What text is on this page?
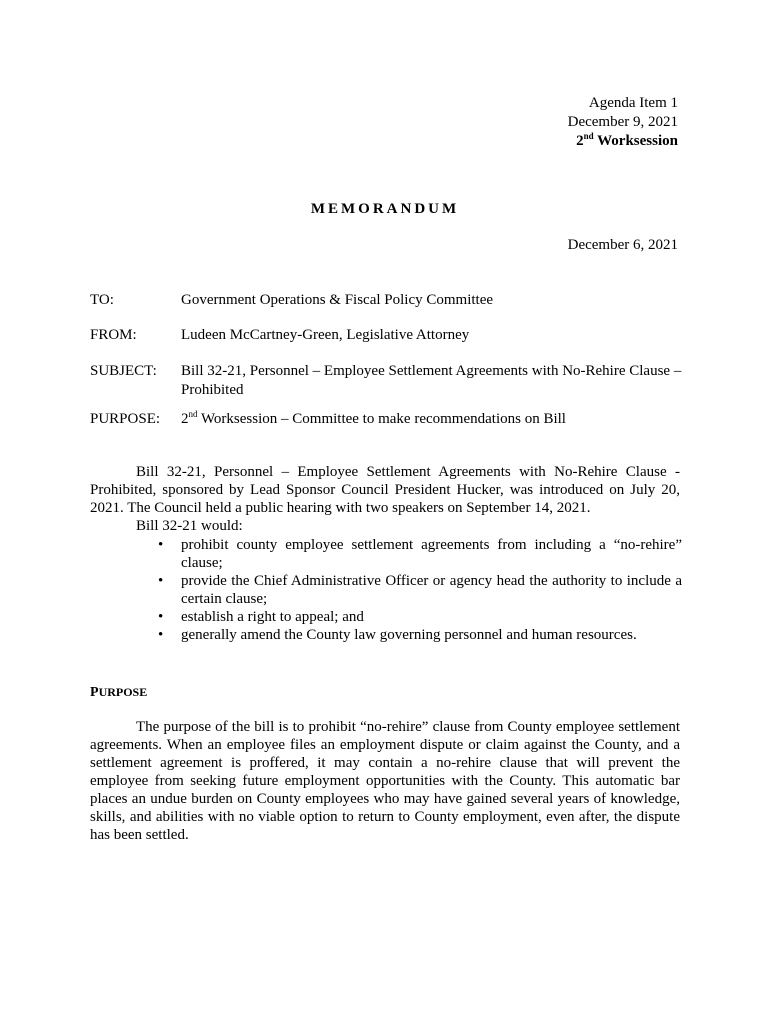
Agenda Item 1
December 9, 2021
2nd Worksession
MEMORANDUM
December 6, 2021
TO:	Government Operations & Fiscal Policy Committee
FROM:	Ludeen McCartney-Green, Legislative Attorney
SUBJECT:	Bill 32-21, Personnel – Employee Settlement Agreements with No-Rehire Clause – Prohibited
PURPOSE:	2nd Worksession – Committee to make recommendations on Bill
Bill 32-21, Personnel – Employee Settlement Agreements with No-Rehire Clause - Prohibited, sponsored by Lead Sponsor Council President Hucker, was introduced on July 20, 2021. The Council held a public hearing with two speakers on September 14, 2021.
Bill 32-21 would:
• prohibit county employee settlement agreements from including a “no-rehire” clause;
• provide the Chief Administrative Officer or agency head the authority to include a certain clause;
• establish a right to appeal; and
• generally amend the County law governing personnel and human resources.
PURPOSE
The purpose of the bill is to prohibit “no-rehire” clause from County employee settlement agreements. When an employee files an employment dispute or claim against the County, and a settlement agreement is proffered, it may contain a no-rehire clause that will prevent the employee from seeking future employment opportunities with the County. This automatic bar places an undue burden on County employees who may have gained several years of knowledge, skills, and abilities with no viable option to return to County employment, even after, the dispute has been settled.
